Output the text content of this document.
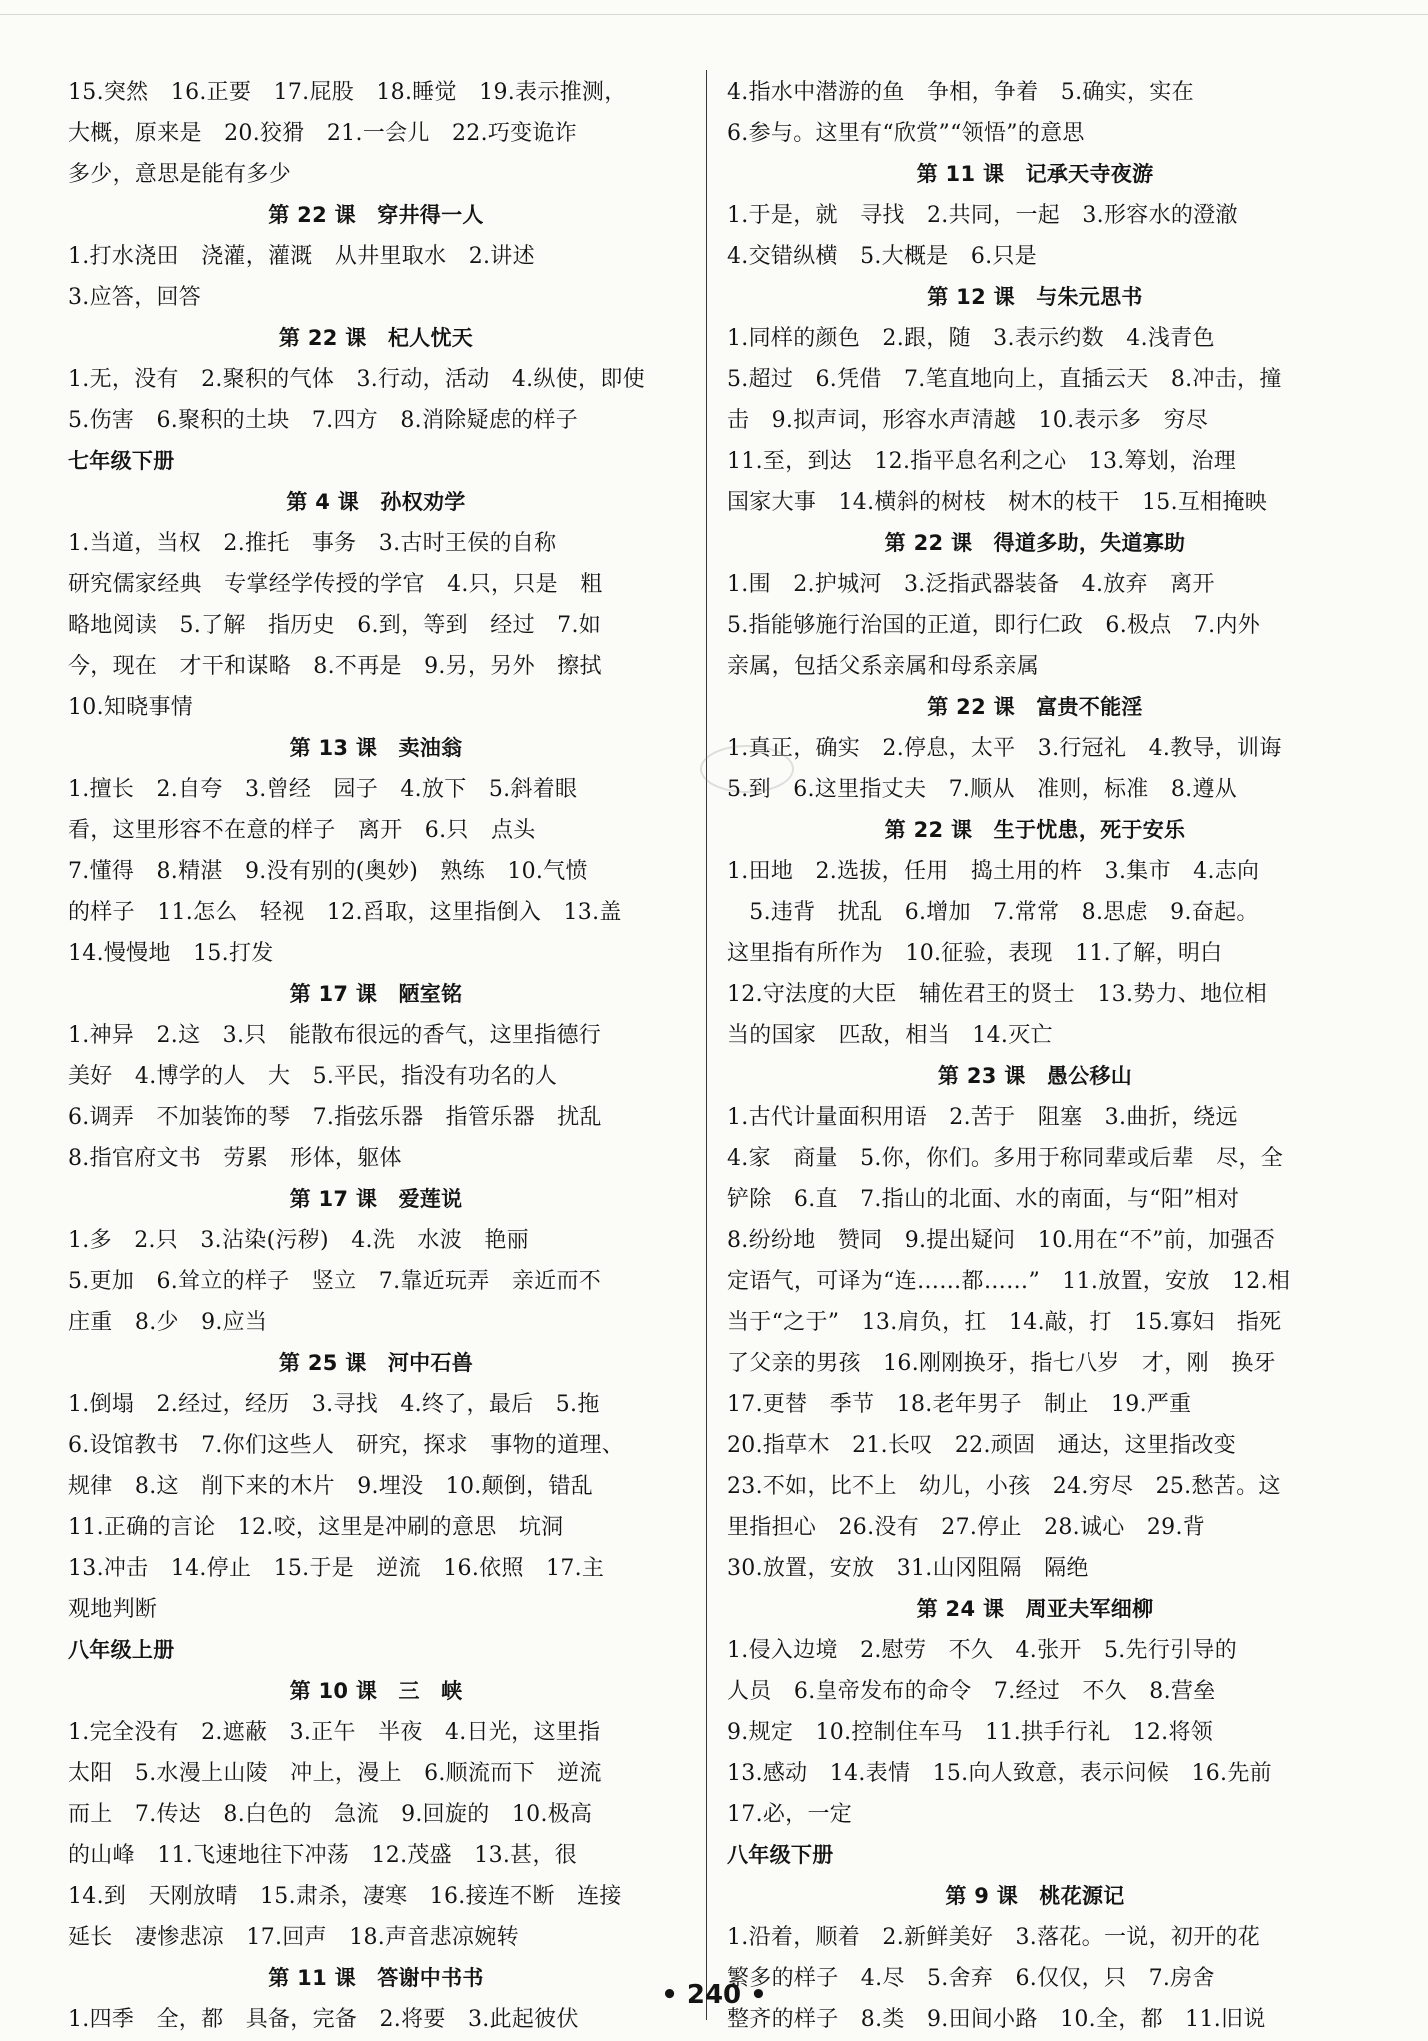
15.突然　16.正要　17.屁股　18.睡觉　19.表示推测，
大概，原来是　20.狡猾　21.一会儿　22.巧变诡诈
多少，意思是能有多少
第 22 课　穿井得一人
1.打水浇田　浇灌，灌溉　从井里取水　2.讲述
3.应答，回答
第 22 课　杞人忧天
1.无，没有　2.聚积的气体　3.行动，活动　4.纵使，即使
5.伤害　6.聚积的土块　7.四方　8.消除疑虑的样子
七年级下册
第 4 课　孙权劝学
1.当道，当权　2.推托　事务　3.古时王侯的自称
研究儒家经典　专掌经学传授的学官　4.只，只是　粗
略地阅读　5.了解　指历史　6.到，等到　经过　7.如
今，现在　才干和谋略　8.不再是　9.另，另外　擦拭
10.知晓事情
第 13 课　卖油翁
1.擅长　2.自夸　3.曾经　园子　4.放下　5.斜着眼
看，这里形容不在意的样子　离开　6.只　点头
7.懂得　8.精湛　9.没有别的(奥妙)　熟练　10.气愤
的样子　11.怎么　轻视　12.舀取，这里指倒入　13.盖
14.慢慢地　15.打发
第 17 课　陋室铭
1.神异　2.这　3.只　能散布很远的香气，这里指德行
美好　4.博学的人　大　5.平民，指没有功名的人
6.调弄　不加装饰的琴　7.指弦乐器　指管乐器　扰乱
8.指官府文书　劳累　形体，躯体
第 17 课　爱莲说
1.多　2.只　3.沾染(污秽)　4.洗　水波　艳丽
5.更加　6.耸立的样子　竖立　7.靠近玩弄　亲近而不
庄重　8.少　9.应当
第 25 课　河中石兽
1.倒塌　2.经过，经历　3.寻找　4.终了，最后　5.拖
6.设馆教书　7.你们这些人　研究，探求　事物的道理、
规律　8.这　削下来的木片　9.埋没　10.颠倒，错乱
11.正确的言论　12.咬，这里是冲刷的意思　坑洞
13.冲击　14.停止　15.于是　逆流　16.依照　17.主
观地判断
八年级上册
第 10 课　三　峡
1.完全没有　2.遮蔽　3.正午　半夜　4.日光，这里指
太阳　5.水漫上山陵　冲上，漫上　6.顺流而下　逆流
而上　7.传达　8.白色的　急流　9.回旋的　10.极高
的山峰　11.飞速地往下冲荡　12.茂盛　13.甚，很
14.到　天刚放晴　15.肃杀，凄寒　16.接连不断　连接
延长　凄惨悲凉　17.回声　18.声音悲凉婉转
第 11 课　答谢中书书
1.四季　全，都　具备，完备　2.将要　3.此起彼伏
4.指水中潜游的鱼　争相，争着　5.确实，实在
6.参与。这里有“欣赏”“领悟”的意思
第 11 课　记承天寺夜游
1.于是，就　寻找　2.共同，一起　3.形容水的澄澈
4.交错纵横　5.大概是　6.只是
第 12 课　与朱元思书
1.同样的颜色　2.跟，随　3.表示约数　4.浅青色
5.超过　6.凭借　7.笔直地向上，直插云天　8.冲击，撞
击　9.拟声词，形容水声清越　10.表示多　穷尽
11.至，到达　12.指平息名利之心　13.筹划，治理
国家大事　14.横斜的树枝　树木的枝干　15.互相掩映
第 22 课　得道多助，失道寡助
1.围　2.护城河　3.泛指武器装备　4.放弃　离开
5.指能够施行治国的正道，即行仁政　6.极点　7.内外
亲属，包括父系亲属和母系亲属
第 22 课　富贵不能淫
1.真正，确实　2.停息，太平　3.行冠礼　4.教导，训诲
5.到　6.这里指丈夫　7.顺从　准则，标准　8.遵从
第 22 课　生于忧患，死于安乐
1.田地　2.选拔，任用　捣土用的杵　3.集市　4.志向
　5.违背　扰乱　6.增加　7.常常　8.思虑　9.奋起。
这里指有所作为　10.征验，表现　11.了解，明白
12.守法度的大臣　辅佐君王的贤士　13.势力、地位相
当的国家　匹敌，相当　14.灭亡
第 23 课　愚公移山
1.古代计量面积用语　2.苦于　阻塞　3.曲折，绕远
4.家　商量　5.你，你们。多用于称同辈或后辈　尽，全
铲除　6.直　7.指山的北面、水的南面，与“阳”相对
8.纷纷地　赞同　9.提出疑问　10.用在“不”前，加强否
定语气，可译为“连……都……”　11.放置，安放　12.相
当于“之于”　13.肩负，扛　14.敲，打　15.寡妇　指死
了父亲的男孩　16.刚刚换牙，指七八岁　才，刚　换牙
17.更替　季节　18.老年男子　制止　19.严重
20.指草木　21.长叹　22.顽固　通达，这里指改变
23.不如，比不上　幼儿，小孩　24.穷尽　25.愁苦。这
里指担心　26.没有　27.停止　28.诚心　29.背
30.放置，安放　31.山冈阻隔　隔绝
第 24 课　周亚夫军细柳
1.侵入边境　2.慰劳　不久　4.张开　5.先行引导的
人员　6.皇帝发布的命令　7.经过　不久　8.营垒
9.规定　10.控制住车马　11.拱手行礼　12.将领
13.感动　14.表情　15.向人致意，表示问候　16.先前
17.必，一定
八年级下册
第 9 课　桃花源记
1.沿着，顺着　2.新鲜美好　3.落花。一说，初开的花
繁多的样子　4.尽　5.舍弃　6.仅仅，只　7.房舍
整齐的样子　8.类　9.田间小路　10.全，都　11.旧说
• 240 •
